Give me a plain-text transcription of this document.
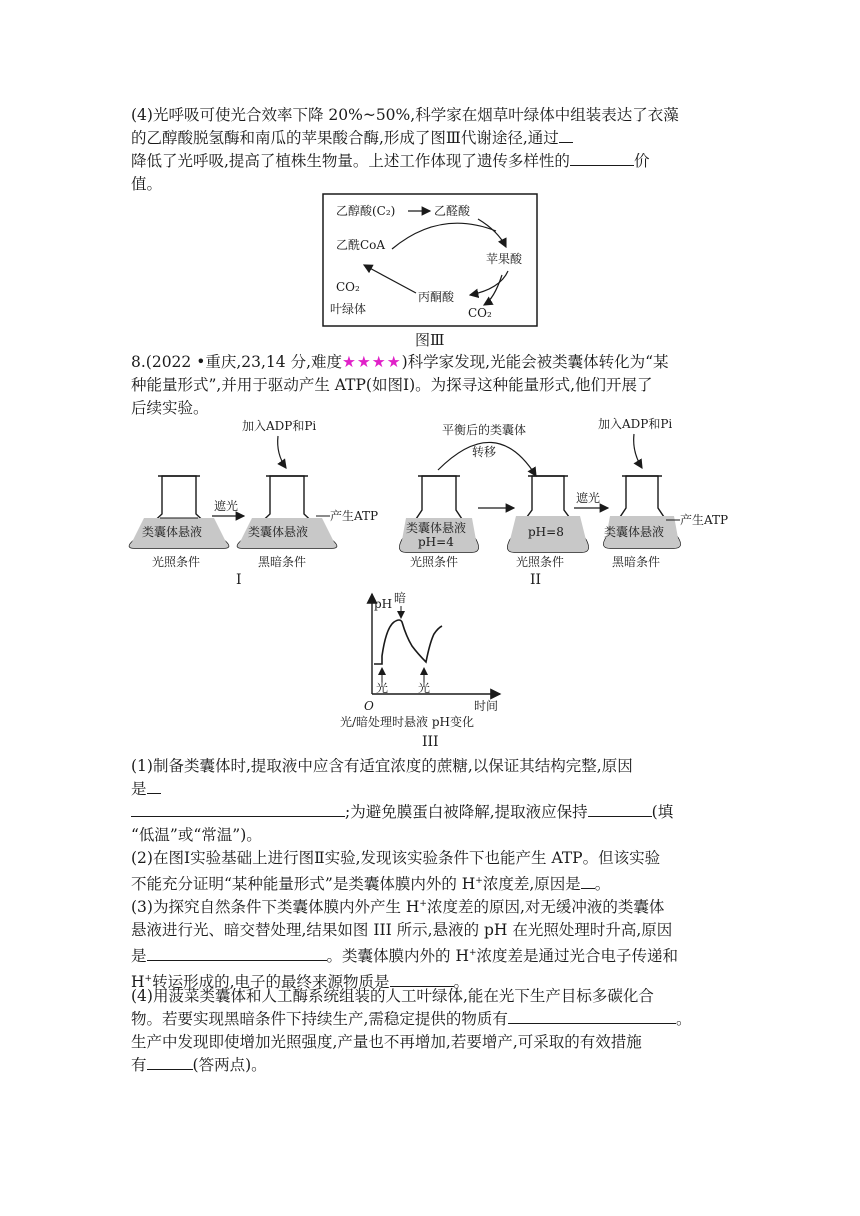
(4)光呼吸可使光合效率下降 20%~50%,科学家在烟草叶绿体中组装表达了衣藻
的乙醇酸脱氢酶和南瓜的苹果酸合酶,形成了图Ⅲ代谢途径,通过
降低了光呼吸,提高了植株生物量。上述工作体现了遗传多样性的	价
值。
乙醇酸(C₂)	乙醛酸
乙酰CoA
苹果酸
CO₂
丙酮酸
CO₂
叶绿体
图Ⅲ
8.(2022 •重庆,23,14 分,难度★★★★)科学家发现,光能会被类囊体转化为“某
种能量形式”,并用于驱动产生 ATP(如图Ⅰ)。为探寻这种能量形式,他们开展了
后续实验。
类囊体悬液
光照条件
遮光
加入ADP和Pi
类囊体悬液
产生ATP
黑暗条件
I
平衡后的类囊体
转移
类囊体悬液
pH=4
光照条件
pH=8
光照条件
遮光
加入ADP和Pi
类囊体悬液
产生ATP
黑暗条件
II
pH 暗
光 光
O	时间
光/暗处理时悬液 pH变化
III
(1)制备类囊体时,提取液中应含有适宜浓度的蔗糖,以保证其结构完整,原因
是
;为避免膜蛋白被降解,提取液应保持	(填
“低温”或“常温”)。
(2)在图Ⅰ实验基础上进行图Ⅱ实验,发现该实验条件下也能产生 ATP。但该实验
不能充分证明“某种能量形式”是类囊体膜内外的 H+浓度差,原因是 。
(3)为探究自然条件下类囊体膜内外产生 H+浓度差的原因,对无缓冲液的类囊体
悬液进行光、暗交替处理,结果如图 III 所示,悬液的 pH 在光照处理时升高,原因
是	。类囊体膜内外的 H+浓度差是通过光合电子传递和
H+转运形成的,电子的最终来源物质是	。
(4)用菠菜类囊体和人工酶系统组装的人工叶绿体,能在光下生产目标多碳化合
物。若要实现黑暗条件下持续生产,需稳定提供的物质有	。
生产中发现即使增加光照强度,产量也不再增加,若要增产,可采取的有效措施
有	(答两点)。
